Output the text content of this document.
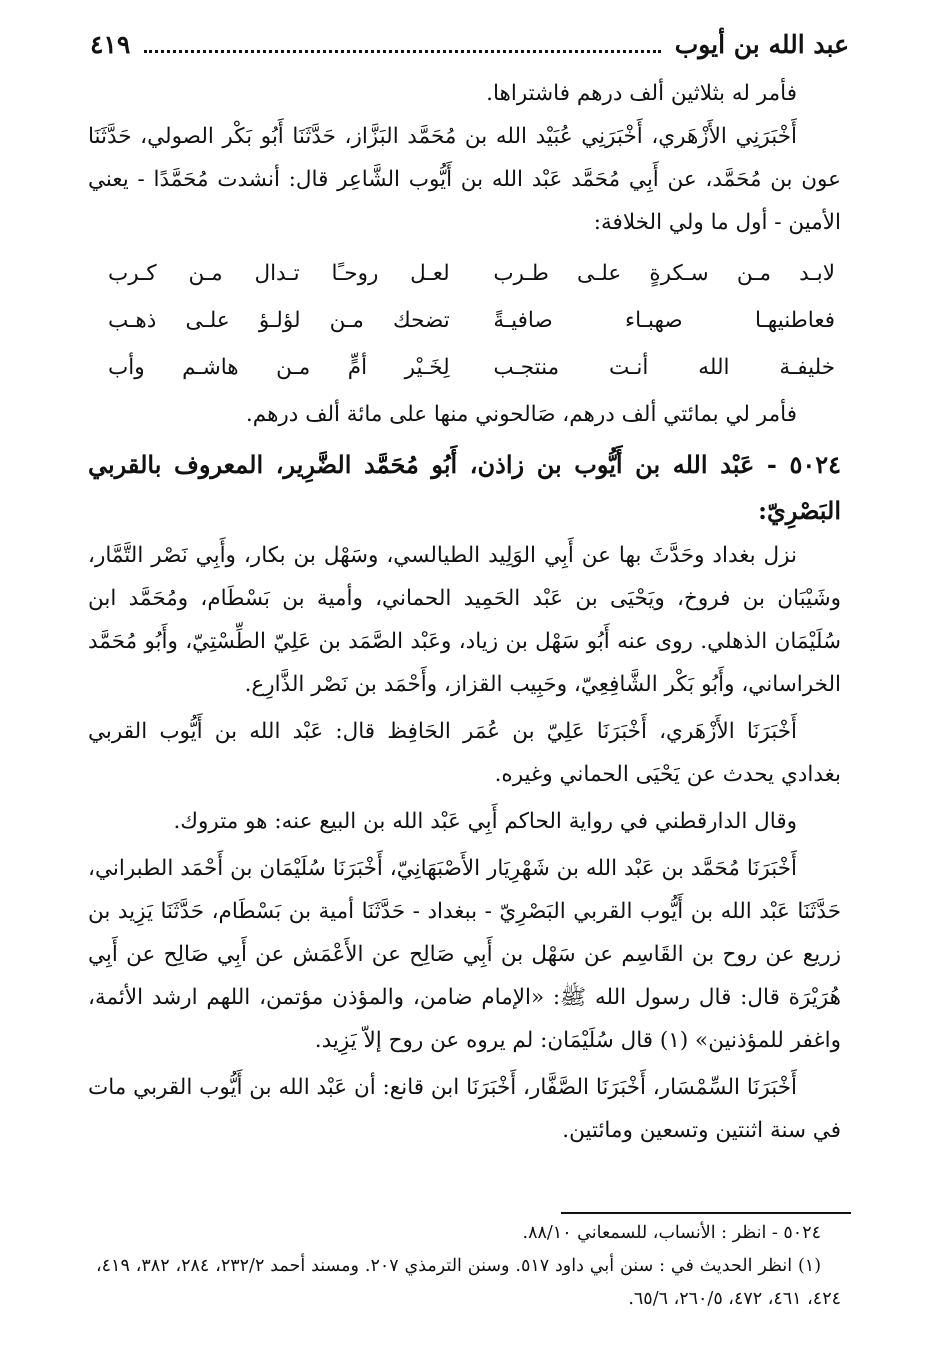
عبد الله بن أيوب
٤١٩

فأمر له بثلاثين ألف درهم فاشتراها.

أَخْبَرَنِي الأَزْهَري، أَخْبَرَنِي عُبَيْد الله بن مُحَمَّد البَزَّاز، حَدَّثَنَا أَبُو بَكْر الصولي، حَدَّثَنَا عون بن مُحَمَّد، عن أَبِي مُحَمَّد عَبْد الله بن أَيُّوب الشَّاعِر قال: أنشدت مُحَمَّدًا - يعني الأمين - أول ما ولي الخلافة:

لابـد مـن سـكرةٍ علـى طـرب
لعـل روحـًا تـدال مـن كـرب
فعاطنيهـا صهبـاء صافيـةً
تضحك مـن لؤلـؤ علـى ذهـب
خليفـة الله أنـت منتجـب
لِخَـيْر أمٍّ مـن هاشـم وأب

فأمر لي بمائتي ألف درهم، صَالحوني منها على مائة ألف درهم.

٥٠٢٤ - عَبْد الله بن أَيُّوب بن زاذن، أَبُو مُحَمَّد الضَّرِير، المعروف بالقربي البَصْرِيّ:

نزل بغداد وحَدَّثَ بها عن أَبِي الوَلِيد الطيالسي، وسَهْل بن بكار، وأَبِي نَصْر التَّمَّار، وشَيْبَان بن فروخ، ويَحْيَى بن عَبْد الحَمِيد الحماني، وأمية بن بَسْطَام، ومُحَمَّد ابن سُلَيْمَان الذهلي. روى عنه أَبُو سَهْل بن زياد، وعَبْد الصَّمَد بن عَلِيّ الطِّسْتِيّ، وأَبُو مُحَمَّد الخراساني، وأَبُو بَكْر الشَّافِعِيّ، وحَبِيب القزاز، وأَحْمَد بن نَصْر الذَّارِع.

أَخْبَرَنَا الأَزْهَري، أَخْبَرَنَا عَلِيّ بن عُمَر الحَافِظ قال: عَبْد الله بن أَيُّوب القربي بغدادي يحدث عن يَحْيَى الحماني وغيره.

وقال الدارقطني في رواية الحاكم أَبِي عَبْد الله بن البيع عنه: هو متروك.

أَخْبَرَنَا مُحَمَّد بن عَبْد الله بن شَهْرِيَار الأَصْبَهَانِيّ، أَخْبَرَنَا سُلَيْمَان بن أَحْمَد الطبراني، حَدَّثَنَا عَبْد الله بن أَيُّوب القربي البَصْرِيّ - ببغداد - حَدَّثَنَا أمية بن بَسْطَام، حَدَّثَنَا يَزِيد بن زريع عن روح بن القَاسِم عن سَهْل بن أَبِي صَالِح عن الأَعْمَش عن أَبِي صَالِح عن أَبِي هُرَيْرَة قال: قال رسول الله ﷺ: «الإمام ضامن، والمؤذن مؤتمن، اللهم ارشد الأئمة، واغفر للمؤذنين» (١) قال سُلَيْمَان: لم يروه عن روح إلاّ يَزِيد.

أَخْبَرَنَا السِّمْسَار، أَخْبَرَنَا الصَّفَّار، أَخْبَرَنَا ابن قانع: أن عَبْد الله بن أَيُّوب القربي مات في سنة اثنتين وتسعين ومائتين.

٥٠٢٤ - انظر : الأنساب، للسمعاني ٨٨/١٠.

(١) انظر الحديث في : سنن أبي داود ٥١٧. وسنن الترمذي ٢٠٧. ومسند أحمد ٢٣٢/٢، ٢٨٤، ٣٨٢، ٤١٩، ٤٢٤، ٤٦١، ٤٧٢، ٢٦٠/٥، ٦٥/٦.
